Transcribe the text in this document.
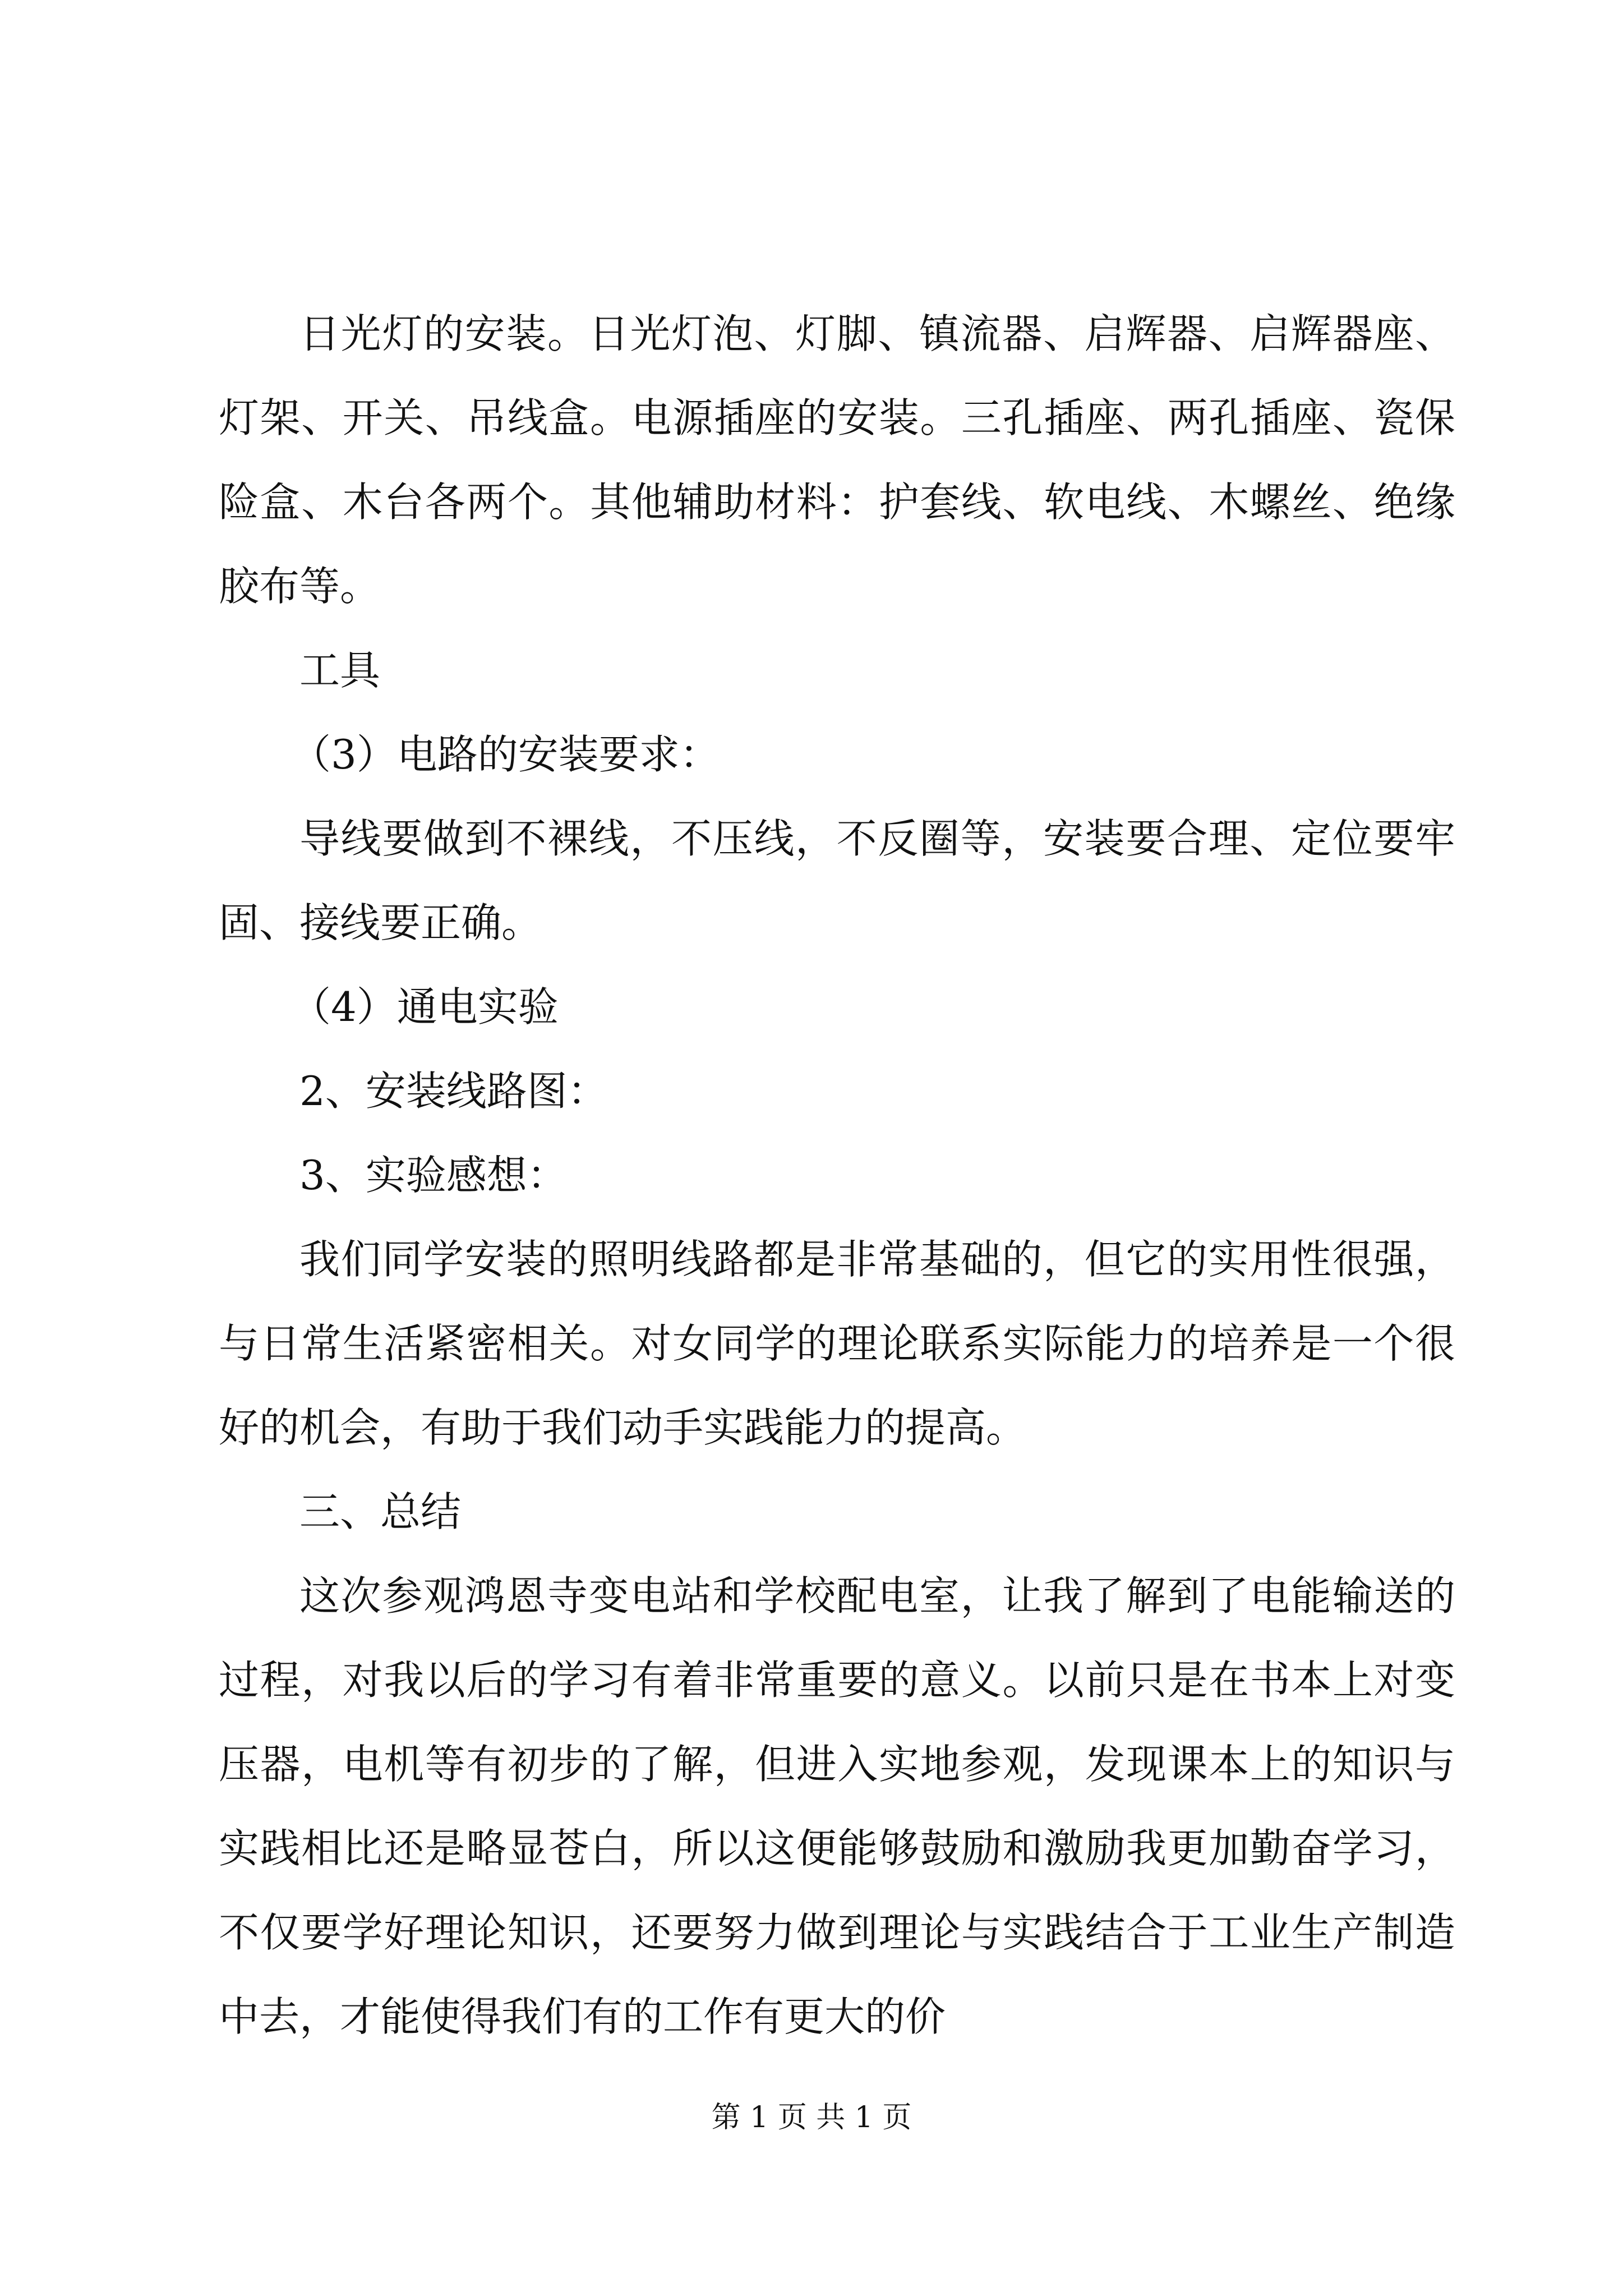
日光灯的安装。日光灯泡、灯脚、镇流器、启辉器、启辉器座、灯架、开关、吊线盒。电源插座的安装。三孔插座、两孔插座、瓷保险盒、木台各两个。其他辅助材料：护套线、软电线、木螺丝、绝缘胶布等。

工具

（3）电路的安装要求：

导线要做到不裸线，不压线，不反圈等，安装要合理、定位要牢固、接线要正确。

（4）通电实验

2、安装线路图：

3、实验感想：

我们同学安装的照明线路都是非常基础的，但它的实用性很强，与日常生活紧密相关。对女同学的理论联系实际能力的培养是一个很好的机会，有助于我们动手实践能力的提高。

三、总结

这次参观鸿恩寺变电站和学校配电室，让我了解到了电能输送的过程，对我以后的学习有着非常重要的意义。以前只是在书本上对变压器，电机等有初步的了解，但进入实地参观，发现课本上的知识与实践相比还是略显苍白，所以这便能够鼓励和激励我更加勤奋学习，不仅要学好理论知识，还要努力做到理论与实践结合于工业生产制造中去，才能使得我们有的工作有更大的价

第 1 页 共 1 页
